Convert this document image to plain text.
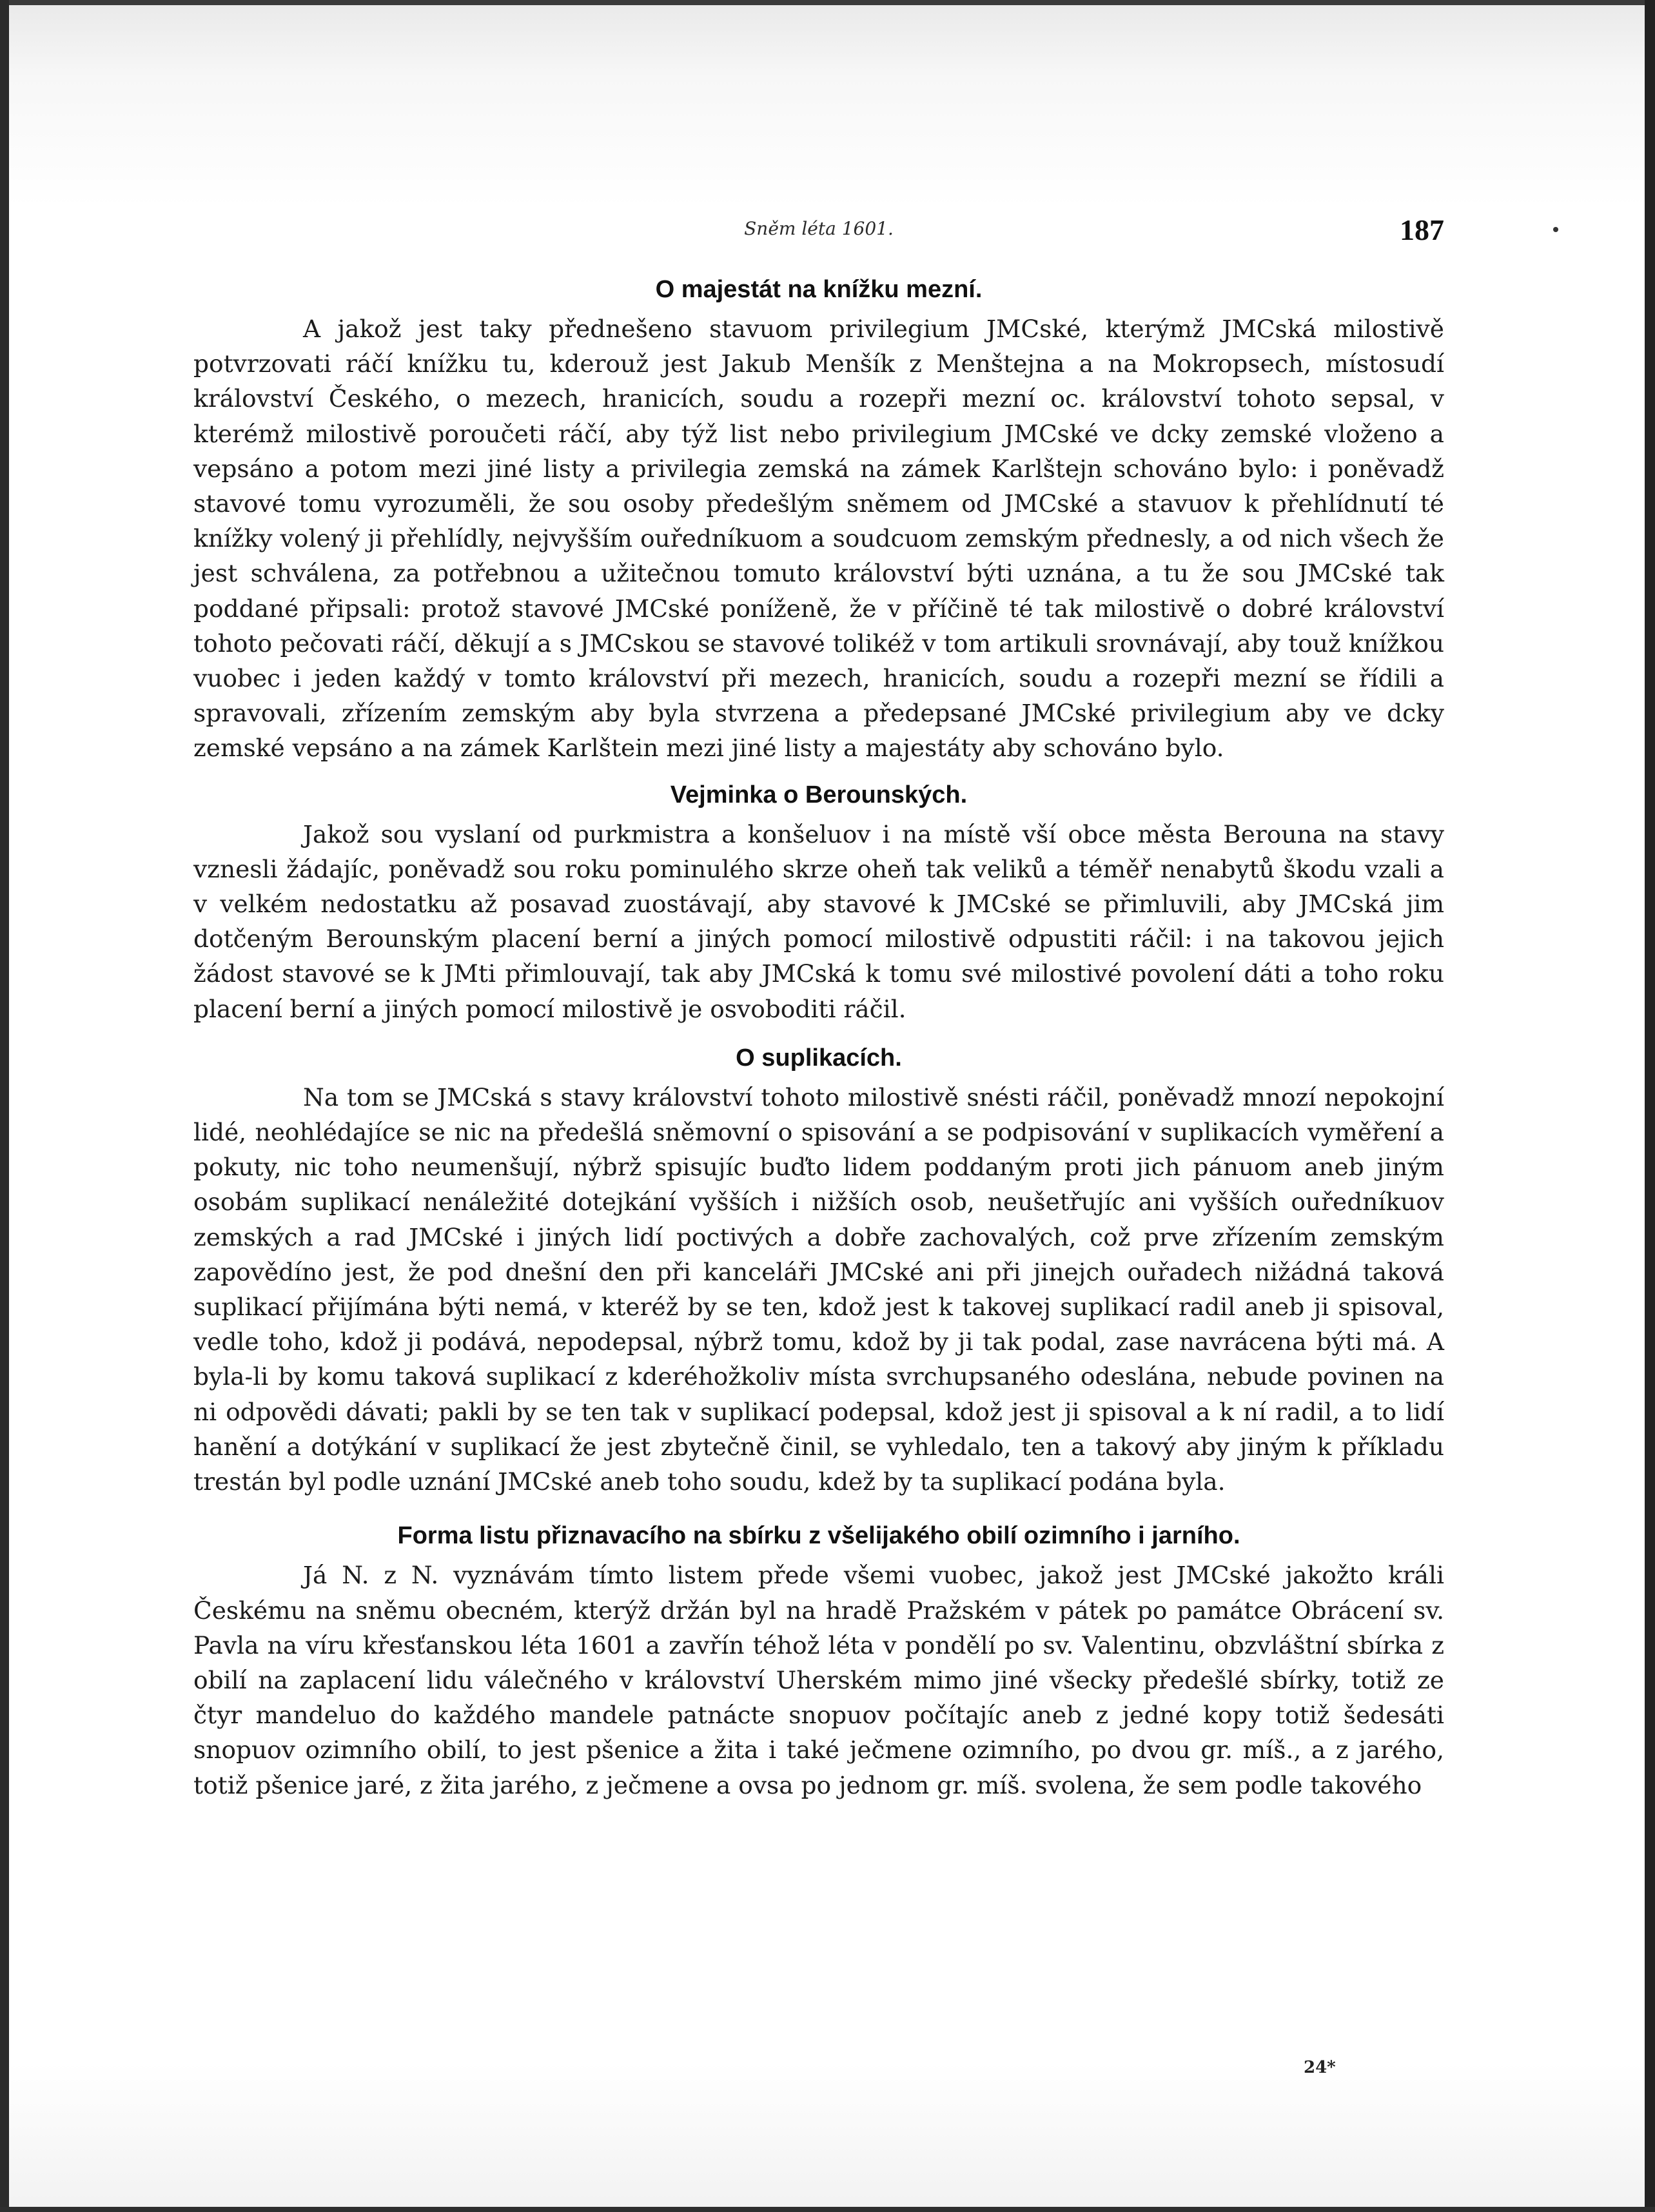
Sněm léta 1601.	187
O majestát na knížku mezní.

A jakož jest taky přednešeno stavuom privilegium JMCské, kterýmž JMCská milostivě potvrzovati ráčí knížku tu, kderouž jest Jakub Menšík z Menštejna a na Mokropsech, místosudí království Českého, o mezech, hranicích, soudu a rozepři mezní oc. království tohoto sepsal, v kterémž milostivě poroučeti ráčí, aby týž list nebo privilegium JMCské ve dcky zemské vloženo a vepsáno a potom mezi jiné listy a privilegia zemská na zámek Karlštejn schováno bylo: i poněvadž stavové tomu vyrozuměli, že sou osoby předešlým sněmem od JMCské a stavuov k přehlídnutí té knížky volený ji přehlídly, nejvyšším ouředníkuom a soudcuom zemským přednesly, a od nich všech že jest schválena, za potřebnou a užitečnou tomuto království býti uznána, a tu že sou JMCské tak poddané připsali: protož stavové JMCské poníženě, že v příčině té tak milostivě o dobré království tohoto pečovati ráčí, děkují a s JMCskou se stavové tolikéž v tom artikuli srovnávají, aby touž knížkou vuobec i jeden každý v tomto království při mezech, hranicích, soudu a rozepři mezní se řídili a spravovali, zřízením zemským aby byla stvrzena a předepsané JMCské privilegium aby ve dcky zemské vepsáno a na zámek Karlštein mezi jiné listy a majestáty aby schováno bylo.

Vejminka o Berounských.

Jakož sou vyslaní od purkmistra a konšeluov i na místě vší obce města Berouna na stavy vznesli žádajíc, poněvadž sou roku pominulého skrze oheň tak veliků a téměř nenabytů škodu vzali a v velkém nedostatku až posavad zuostávají, aby stavové k JMCské se přimluvili, aby JMCská jim dotčeným Berounským placení berní a jiných pomocí milostivě odpustiti ráčil: i na takovou jejich žádost stavové se k JMti přimlouvají, tak aby JMCská k tomu své milostivé povolení dáti a toho roku placení berní a jiných pomocí milostivě je osvoboditi ráčil.

O suplikacích.

Na tom se JMCská s stavy království tohoto milostivě snésti ráčil, poněvadž mnozí nepokojní lidé, neohlédajíce se nic na předešlá sněmovní o spisování a se podpisování v suplikacích vyměření a pokuty, nic toho neumenšují, nýbrž spisujíc buďto lidem poddaným proti jich pánuom aneb jiným osobám suplikací nenáležité dotejkání vyšších i nižších osob, neušetřujíc ani vyšších ouředníkuov zemských a rad JMCské i jiných lidí poctivých a dobře zachovalých, což prve zřízením zemským zapovědíno jest, že pod dnešní den při kanceláři JMCské ani při jinejch ouřadech nižádná taková suplikací přijímána býti nemá, v kteréž by se ten, kdož jest k takovej suplikací radil aneb ji spisoval, vedle toho, kdož ji podává, nepodepsal, nýbrž tomu, kdož by ji tak podal, zase navrácena býti má. A byla-li by komu taková suplikací z kderéhožkoliv místa svrchupsaného odeslána, nebude povinen na ni odpovědi dávati; pakli by se ten tak v suplikací podepsal, kdož jest ji spisoval a k ní radil, a to lidí hanění a dotýkání v suplikací že jest zbytečně činil, se vyhledalo, ten a takový aby jiným k příkladu trestán byl podle uznání JMCské aneb toho soudu, kdež by ta suplikací podána byla.

Forma listu přiznavacího na sbírku z všelijakého obilí ozimního i jarního.

Já N. z N. vyznávám tímto listem přede všemi vuobec, jakož jest JMCské jakožto králi Českému na sněmu obecném, kterýž držán byl na hradě Pražském v pátek po památce Obrácení sv. Pavla na víru křesťanskou léta 1601 a zavřín téhož léta v pondělí po sv. Valentinu, obzvláštní sbírka z obilí na zaplacení lidu válečného v království Uherském mimo jiné všecky předešlé sbírky, totiž ze čtyr mandeluo do každého mandele patnácte snopuov počítajíc aneb z jedné kopy totiž šedesáti snopuov ozimního obilí, to jest pšenice a žita i také ječmene ozimního, po dvou gr. míš., a z jarého, totiž pšenice jaré, z žita jarého, z ječmene a ovsa po jednom gr. míš. svolena, že sem podle takového

24*
